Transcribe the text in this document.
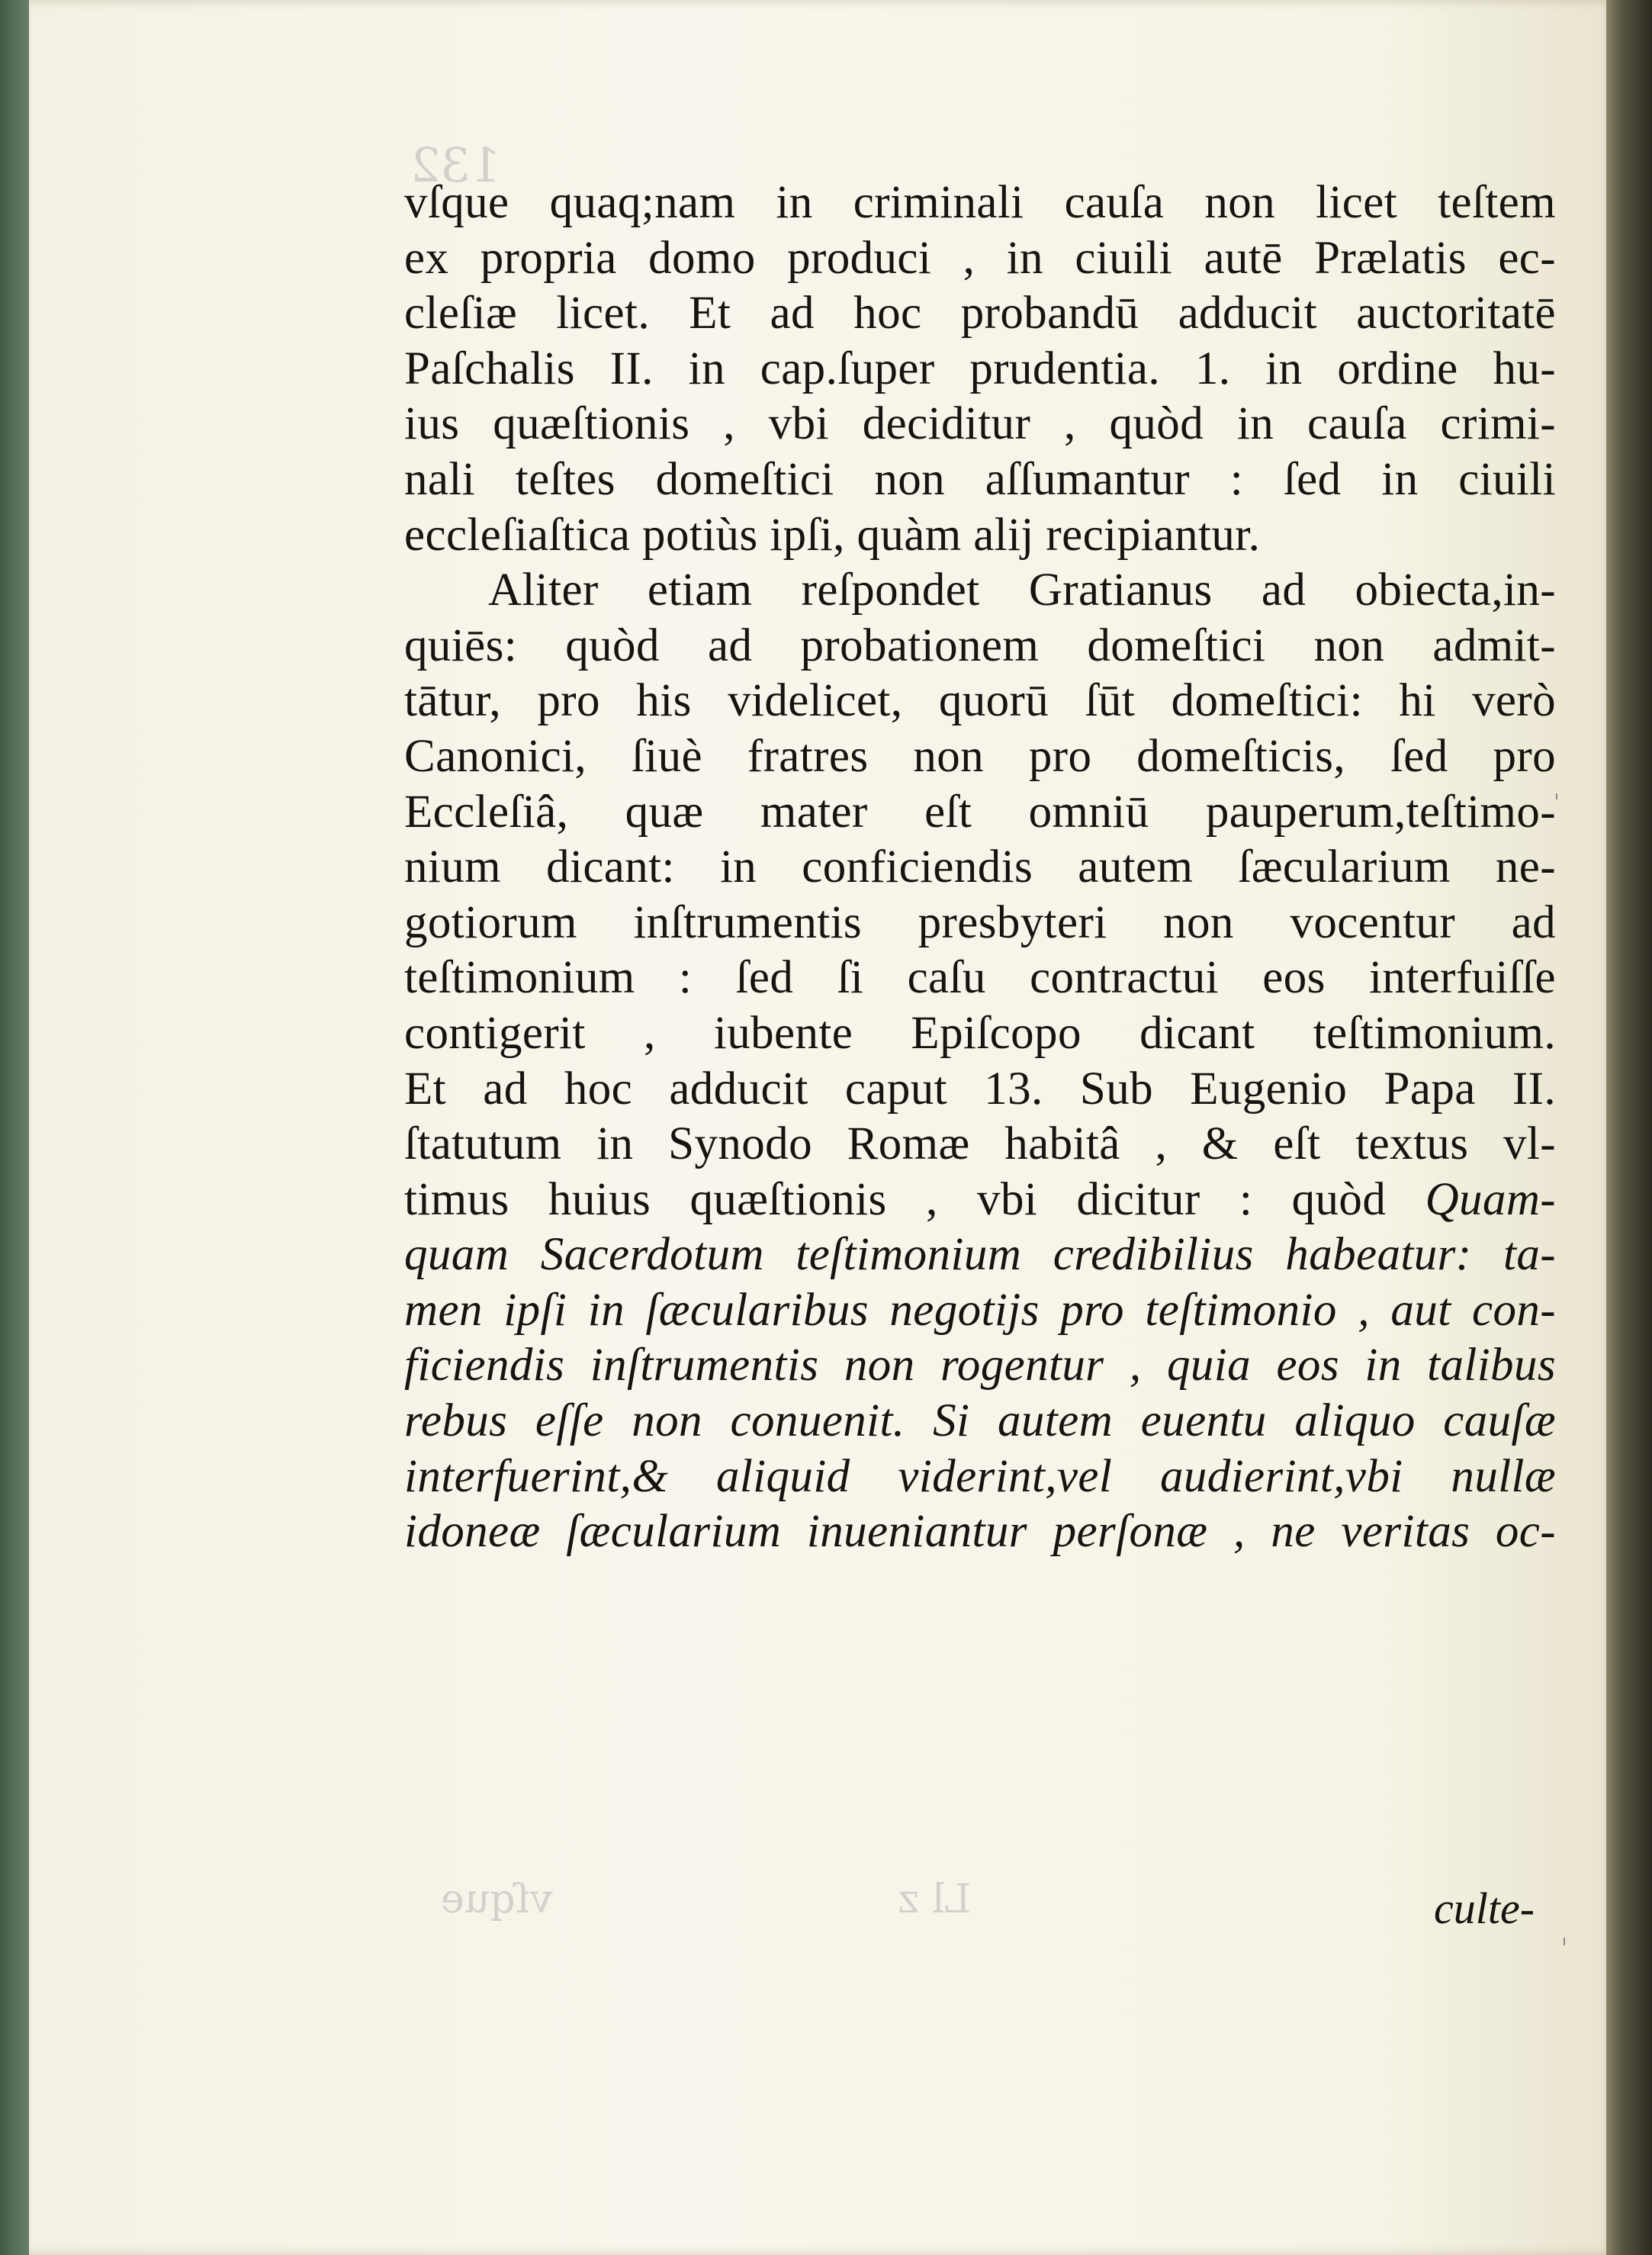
132
vſque	Ll z
vſque quaq;nam in criminali cauſa non licet teſtem
ex propria domo produci , in ciuili autē Prælatis ec-
cleſiæ licet. Et ad hoc probandū adducit auctoritatē
Paſchalis II. in cap.ſuper prudentia. 1. in ordine hu-
ius quæſtionis , vbi deciditur , quòd in cauſa crimi-
nali teſtes domeſtici non aſſumantur : ſed in ciuili
eccleſiaſtica potiùs ipſi, quàm alij recipiantur.
Aliter etiam reſpondet Gratianus ad obiecta,in-
quiēs: quòd ad probationem domeſtici non admit-
tātur, pro his videlicet, quorū ſūt domeſtici: hi verò
Canonici, ſiuè fratres non pro domeſticis, ſed pro
Eccleſiâ, quæ mater eſt omniū pauperum,teſtimo-
nium dicant: in conficiendis autem ſæcularium ne-
gotiorum inſtrumentis presbyteri non vocentur ad
teſtimonium : ſed ſi caſu contractui eos interfuiſſe
contigerit , iubente Epiſcopo dicant teſtimonium.
Et ad hoc adducit caput 13. Sub Eugenio Papa II.
ſtatutum in Synodo Romæ habitâ , & eſt textus vl-
timus huius quæſtionis , vbi dicitur : quòd Quam-
quam Sacerdotum teſtimonium credibilius habeatur: ta-
men ipſi in ſæcularibus negotijs pro teſtimonio , aut con-
ficiendis inſtrumentis non rogentur , quia eos in talibus
rebus eſſe non conuenit. Si autem euentu aliquo cauſæ
interfuerint,& aliquid viderint,vel audierint,vbi nullæ
idoneæ ſæcularium inueniantur perſonæ , ne veritas oc-
culte-
